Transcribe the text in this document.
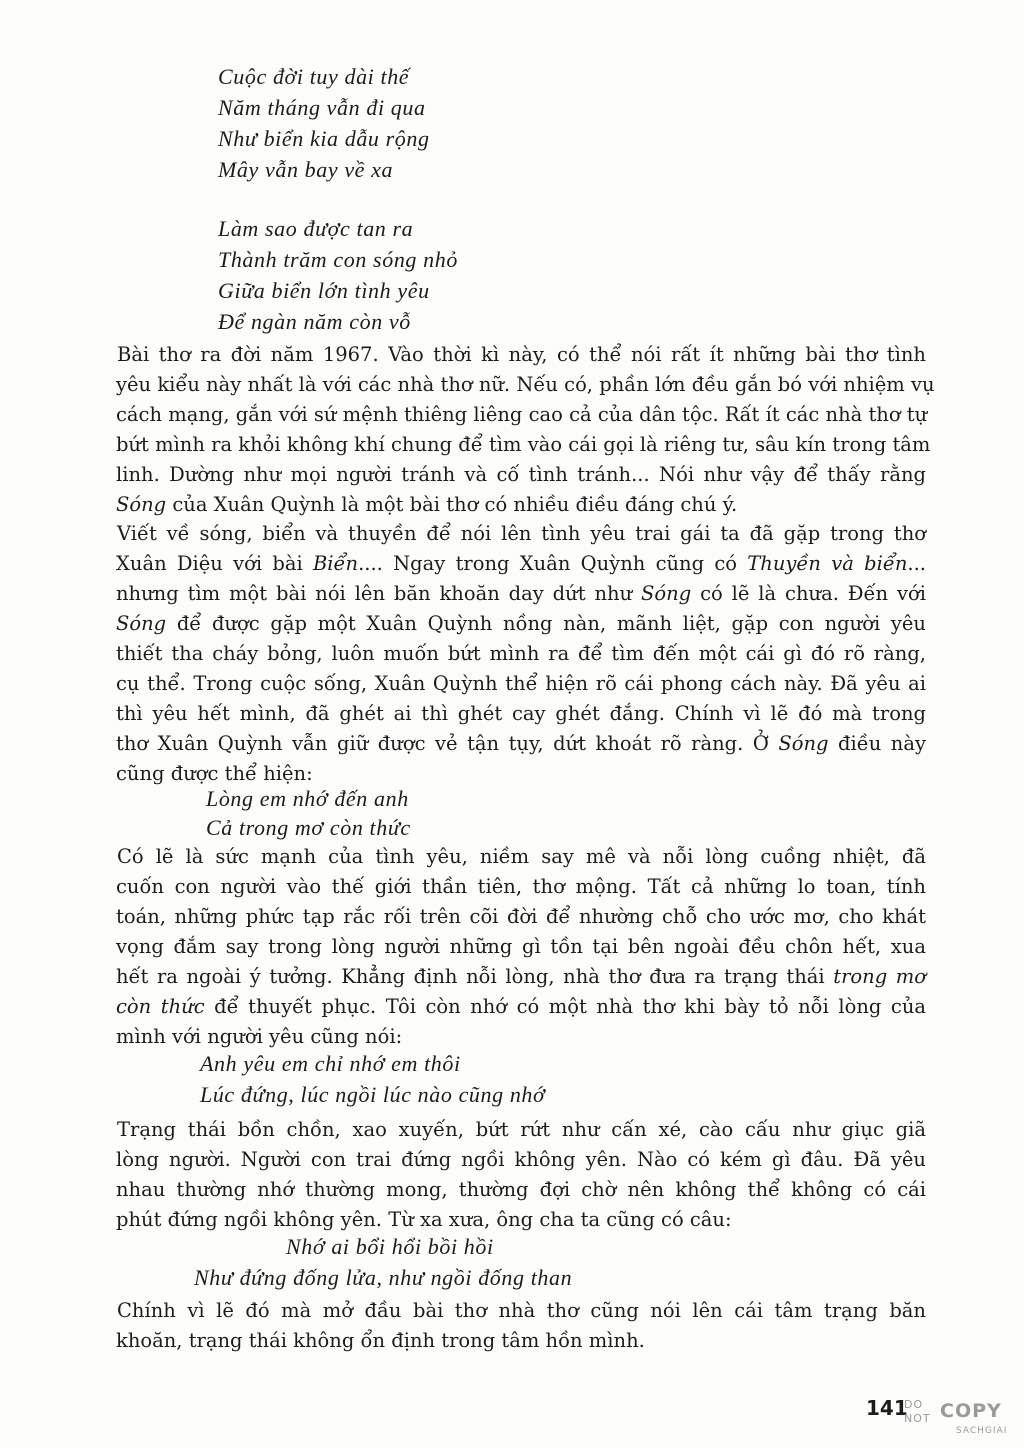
Cuộc đời tuy dài thế
Năm tháng vẫn đi qua
Như biển kia dẫu rộng
Mây vẫn bay về xa
Làm sao được tan ra
Thành trăm con sóng nhỏ
Giữa biển lớn tình yêu
Để ngàn năm còn vỗ
Bài thơ ra đời năm 1967. Vào thời kì này, có thể nói rất ít những bài thơ tình
yêu kiểu này nhất là với các nhà thơ nữ. Nếu có, phần lớn đều gắn bó với nhiệm vụ
cách mạng, gắn với sứ mệnh thiêng liêng cao cả của dân tộc. Rất ít các nhà thơ tự
bứt mình ra khỏi không khí chung để tìm vào cái gọi là riêng tư, sâu kín trong tâm
linh. Dường như mọi người tránh và cố tình tránh... Nói như vậy để thấy rằng
Sóng của Xuân Quỳnh là một bài thơ có nhiều điều đáng chú ý.
Viết về sóng, biển và thuyền để nói lên tình yêu trai gái ta đã gặp trong thơ
Xuân Diệu với bài Biển.... Ngay trong Xuân Quỳnh cũng có Thuyền và biển...
nhưng tìm một bài nói lên băn khoăn day dứt như Sóng có lẽ là chưa. Đến với
Sóng để được gặp một Xuân Quỳnh nồng nàn, mãnh liệt, gặp con người yêu
thiết tha cháy bỏng, luôn muốn bứt mình ra để tìm đến một cái gì đó rõ ràng,
cụ thể. Trong cuộc sống, Xuân Quỳnh thể hiện rõ cái phong cách này. Đã yêu ai
thì yêu hết mình, đã ghét ai thì ghét cay ghét đắng. Chính vì lẽ đó mà trong
thơ Xuân Quỳnh vẫn giữ được vẻ tận tụy, dứt khoát rõ ràng. Ở Sóng điều này
cũng được thể hiện:
Lòng em nhớ đến anh
Cả trong mơ còn thức
Có lẽ là sức mạnh của tình yêu, niềm say mê và nỗi lòng cuồng nhiệt, đã
cuốn con người vào thế giới thần tiên, thơ mộng. Tất cả những lo toan, tính
toán, những phức tạp rắc rối trên cõi đời để nhường chỗ cho ước mơ, cho khát
vọng đắm say trong lòng người những gì tồn tại bên ngoài đều chôn hết, xua
hết ra ngoài ý tưởng. Khẳng định nỗi lòng, nhà thơ đưa ra trạng thái trong mơ
còn thức để thuyết phục. Tôi còn nhớ có một nhà thơ khi bày tỏ nỗi lòng của
mình với người yêu cũng nói:
Anh yêu em chỉ nhớ em thôi
Lúc đứng, lúc ngồi lúc nào cũng nhớ
Trạng thái bồn chồn, xao xuyến, bứt rứt như cấn xé, cào cấu như giục giã
lòng người. Người con trai đứng ngồi không yên. Nào có kém gì đâu. Đã yêu
nhau thường nhớ thường mong, thường đợi chờ nên không thể không có cái
phút đứng ngồi không yên. Từ xa xưa, ông cha ta cũng có câu:
Nhớ ai bổi hổi bồi hồi
Như đứng đống lửa, như ngồi đống than
Chính vì lẽ đó mà mở đầu bài thơ nhà thơ cũng nói lên cái tâm trạng băn
khoăn, trạng thái không ổn định trong tâm hồn mình.
141
DO
NOT COPY
SACHGIAI
